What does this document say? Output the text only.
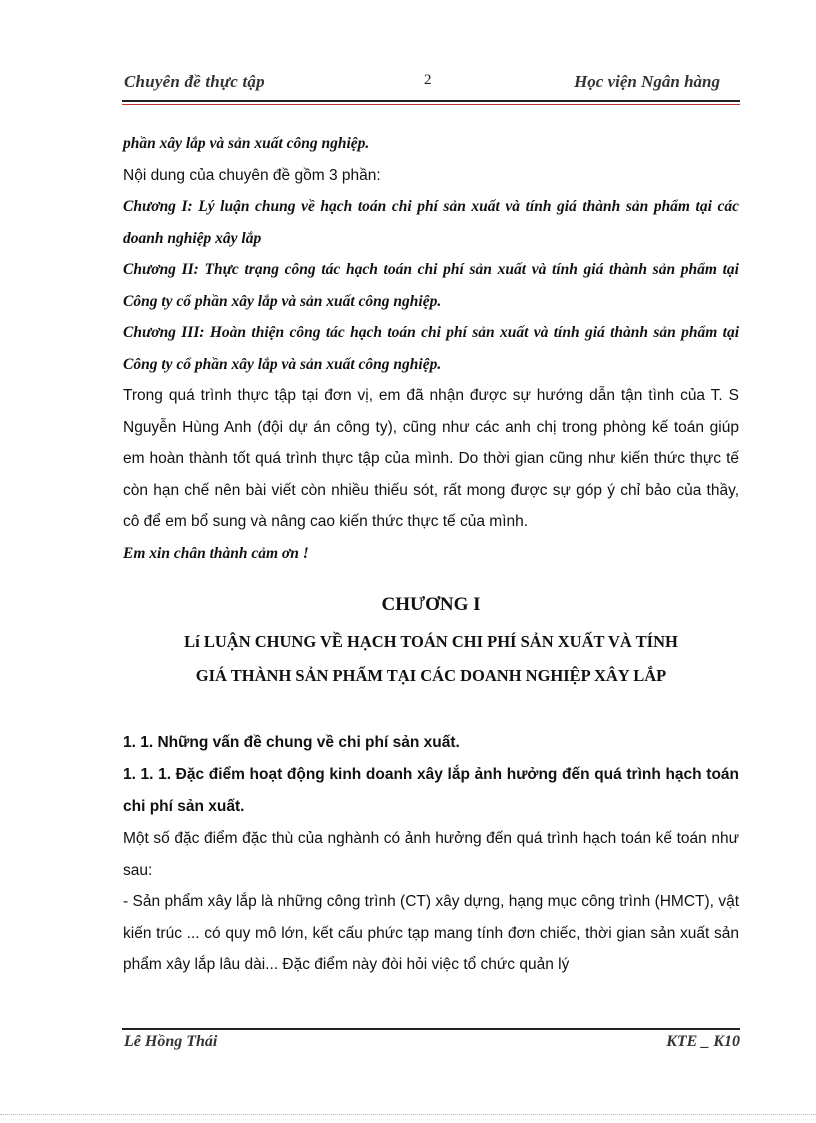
Chuyên đề thực tập	2	Học viện Ngân hàng

phần xây lắp và sản xuất công nghiệp.

Nội dung của chuyên đề gồm 3 phần:

Chương I: Lý luận chung về hạch toán chi phí sản xuất và tính giá thành sản phẩm tại các doanh nghiệp xây lắp

Chương II: Thực trạng công tác hạch toán chi phí sản xuất và tính giá thành sản phẩm tại Công ty cổ phần xây lắp và sản xuất công nghiệp.

Chương III: Hoàn thiện công tác hạch toán chi phí sản xuất và tính giá thành sản phẩm tại Công ty cổ phần xây lắp và sản xuất công nghiệp.

Trong quá trình thực tập tại đơn vị, em đã nhận được sự hướng dẫn tận tình của T. S Nguyễn Hùng Anh (đội dự án công ty), cũng như các anh chị trong phòng kế toán giúp em hoàn thành tốt quá trình thực tập của mình. Do thời gian cũng như kiến thức thực tế còn hạn chế nên bài viết còn nhiều thiếu sót, rất mong được sự góp ý chỉ bảo của thầy, cô để em bổ sung và nâng cao kiến thức thực tế của mình.

Em xin chân thành cảm ơn !

CHƯƠNG I
Lí LUẬN CHUNG VỀ HẠCH TOÁN CHI PHÍ SẢN XUẤT VÀ TÍNH
GIÁ THÀNH SẢN PHẨM TẠI CÁC DOANH NGHIỆP XÂY LẮP

1. 1. Những vấn đề chung về chi phí sản xuất.

1. 1. 1. Đặc điểm hoạt động kinh doanh xây lắp ảnh hưởng đến quá trình hạch toán chi phí sản xuất.

Một số đặc điểm đặc thù của nghành có ảnh hưởng đến quá trình hạch toán kế toán như sau:

- Sản phẩm xây lắp là những công trình (CT) xây dựng, hạng mục công trình (HMCT), vật kiến trúc ... có quy mô lớn, kết cấu phức tạp mang tính đơn chiếc, thời gian sản xuất sản phẩm xây lắp lâu dài... Đặc điểm này đòi hỏi việc tổ chức quản lý

Lê Hồng Thái	KTE _ K10
